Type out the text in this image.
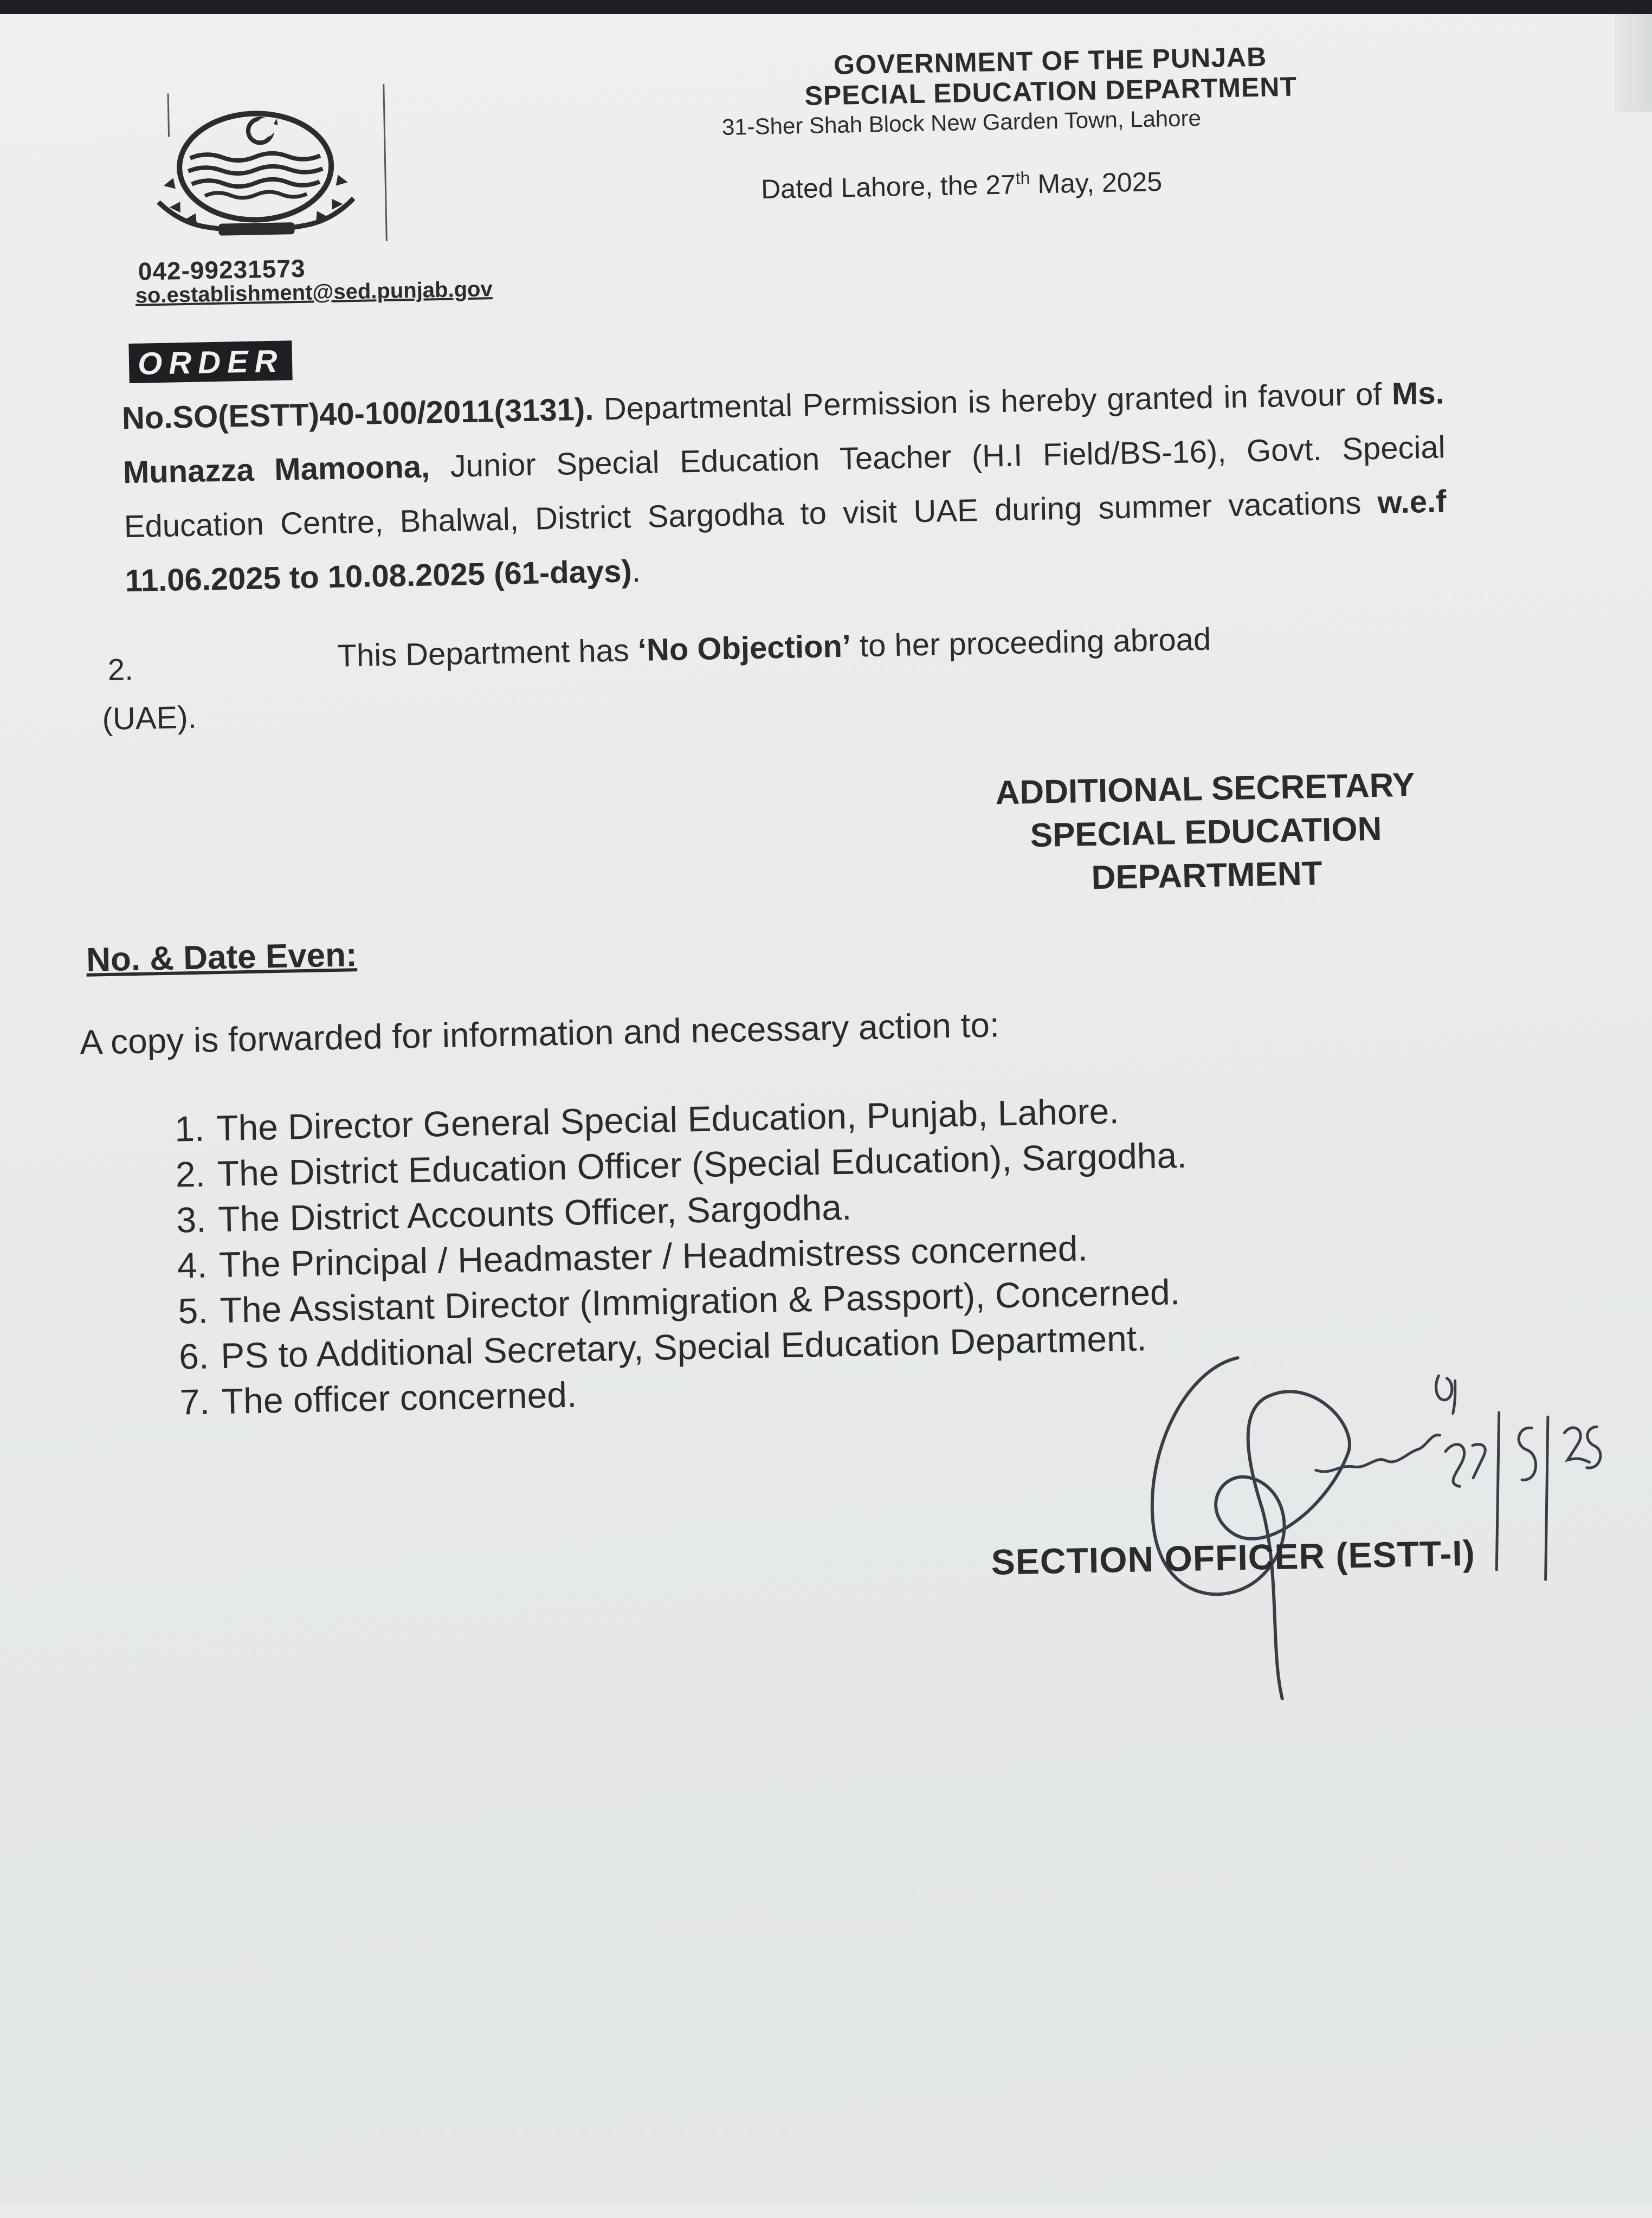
GOVERNMENT OF THE PUNJAB
SPECIAL EDUCATION DEPARTMENT
31-Sher Shah Block New Garden Town, Lahore
Dated Lahore, the 27th May, 2025
042-99231573
so.establishment@sed.punjab.gov
ORDER
No.SO(ESTT)40-100/2011(3131). Departmental Permission is hereby granted in favour of Ms. Munazza Mamoona, Junior Special Education Teacher (H.I Field/BS-16), Govt. Special Education Centre, Bhalwal, District Sargodha to visit UAE during summer vacations w.e.f 11.06.2025 to 10.08.2025 (61-days).
2.	This Department has ‘No Objection’ to her proceeding abroad
(UAE).
ADDITIONAL SECRETARY
SPECIAL EDUCATION
DEPARTMENT
No. & Date Even:
A copy is forwarded for information and necessary action to:
1. The Director General Special Education, Punjab, Lahore.
2. The District Education Officer (Special Education), Sargodha.
3. The District Accounts Officer, Sargodha.
4. The Principal / Headmaster / Headmistress concerned.
5. The Assistant Director (Immigration & Passport), Concerned.
6. PS to Additional Secretary, Special Education Department.
7. The officer concerned.
SECTION OFFICER (ESTT-I)
